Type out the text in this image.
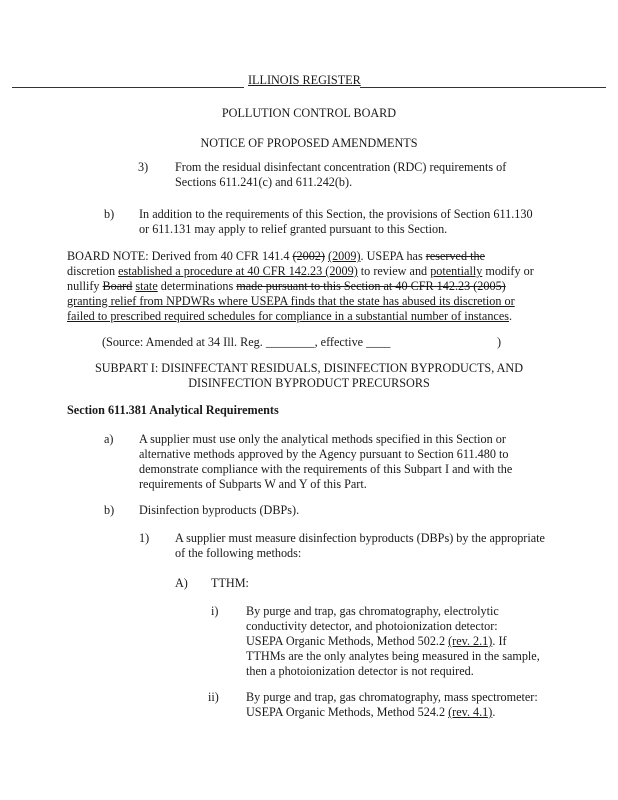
ILLINOIS REGISTER
POLLUTION CONTROL BOARD
NOTICE OF PROPOSED AMENDMENTS
3) From the residual disinfectant concentration (RDC) requirements of
Sections 611.241(c) and 611.242(b).
b) In addition to the requirements of this Section, the provisions of Section 611.130
or 611.131 may apply to relief granted pursuant to this Section.
BOARD NOTE: Derived from 40 CFR 141.4 (2002) (2009). USEPA has reserved the
discretion established a procedure at 40 CFR 142.23 (2009) to review and potentially modify or
nullify Board state determinations made pursuant to this Section at 40 CFR 142.23 (2005)
granting relief from NPDWRs where USEPA finds that the state has abused its discretion or
failed to prescribed required schedules for compliance in a substantial number of instances.
(Source: Amended at 34 Ill. Reg. ________, effective ____	)
SUBPART I: DISINFECTANT RESIDUALS, DISINFECTION BYPRODUCTS, AND
DISINFECTION BYPRODUCT PRECURSORS
Section 611.381 Analytical Requirements
a) A supplier must use only the analytical methods specified in this Section or
alternative methods approved by the Agency pursuant to Section 611.480 to
demonstrate compliance with the requirements of this Subpart I and with the
requirements of Subparts W and Y of this Part.
b) Disinfection byproducts (DBPs).
1) A supplier must measure disinfection byproducts (DBPs) by the appropriate
of the following methods:
A) TTHM:
i) By purge and trap, gas chromatography, electrolytic
conductivity detector, and photoionization detector:
USEPA Organic Methods, Method 502.2 (rev. 2.1). If
TTHMs are the only analytes being measured in the sample,
then a photoionization detector is not required.
ii) By purge and trap, gas chromatography, mass spectrometer:
USEPA Organic Methods, Method 524.2 (rev. 4.1).
